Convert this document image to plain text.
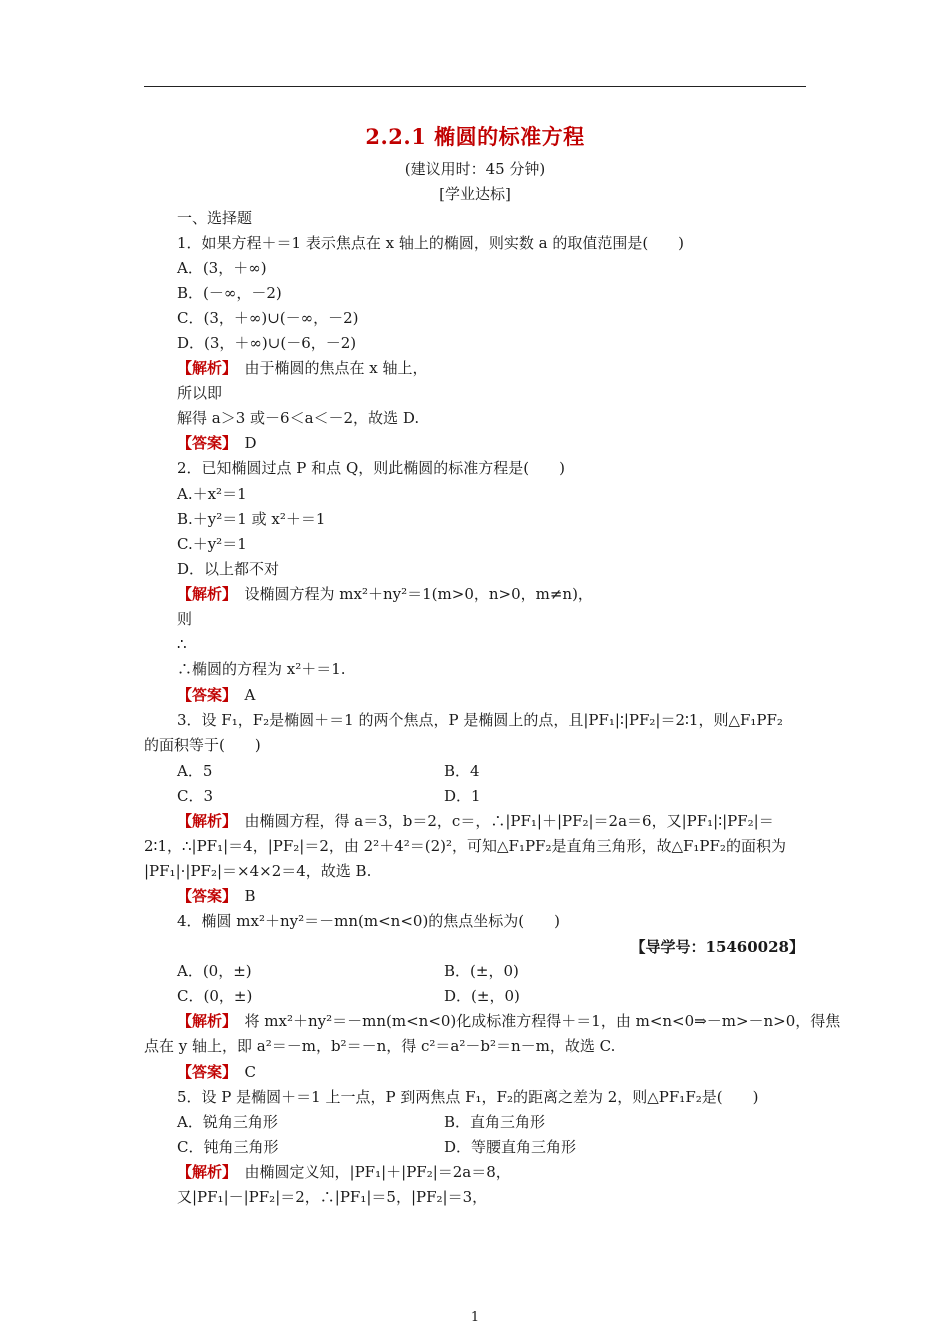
2.2.1 椭圆的标准方程
(建议用时：45 分钟)
[学业达标]
一、选择题
1．如果方程＋＝1 表示焦点在 x 轴上的椭圆，则实数 a 的取值范围是(　　)
A．(3，＋∞)
B．(－∞，－2)
C．(3，＋∞)∪(－∞，－2)
D．(3，＋∞)∪(－6，－2)
【解析】　由于椭圆的焦点在 x 轴上，
所以即
解得 a＞3 或－6＜a＜－2，故选 D.
【答案】　D
2．已知椭圆过点 P 和点 Q，则此椭圆的标准方程是(　　)
A.＋x²＝1
B.＋y²＝1 或 x²＋＝1
C.＋y²＝1
D．以上都不对
【解析】　设椭圆方程为 mx²＋ny²＝1(m>0，n>0，m≠n)，
则
∴
∴椭圆的方程为 x²＋＝1.
【答案】　A
3．设 F₁，F₂是椭圆＋＝1 的两个焦点，P 是椭圆上的点，且|PF₁|∶|PF₂|＝2∶1，则△F₁PF₂
的面积等于(　　)
A．5	B．4
C．3	D．1
【解析】　由椭圆方程，得 a＝3，b＝2，c＝，∴|PF₁|＋|PF₂|＝2a＝6，又|PF₁|∶|PF₂|＝
2∶1，∴|PF₁|＝4，|PF₂|＝2，由 2²＋4²＝(2)²，可知△F₁PF₂是直角三角形，故△F₁PF₂的面积为
|PF₁|·|PF₂|＝×4×2＝4，故选 B.
【答案】　B
4．椭圆 mx²＋ny²＝－mn(m<n<0)的焦点坐标为(　　)
【导学号：15460028】
A．(0，±)	B．(±，0)
C．(0，±)	D．(±，0)
【解析】　将 mx²＋ny²＝－mn(m<n<0)化成标准方程得＋＝1，由 m<n<0⇒－m>－n>0，得焦
点在 y 轴上，即 a²＝－m，b²＝－n，得 c²＝a²－b²＝n－m，故选 C.
【答案】　C
5．设 P 是椭圆＋＝1 上一点，P 到两焦点 F₁，F₂的距离之差为 2，则△PF₁F₂是(　　)
A．锐角三角形	B．直角三角形
C．钝角三角形	D．等腰直角三角形
【解析】　由椭圆定义知，|PF₁|＋|PF₂|＝2a＝8，
又|PF₁|－|PF₂|＝2，∴|PF₁|＝5，|PF₂|＝3，
1
